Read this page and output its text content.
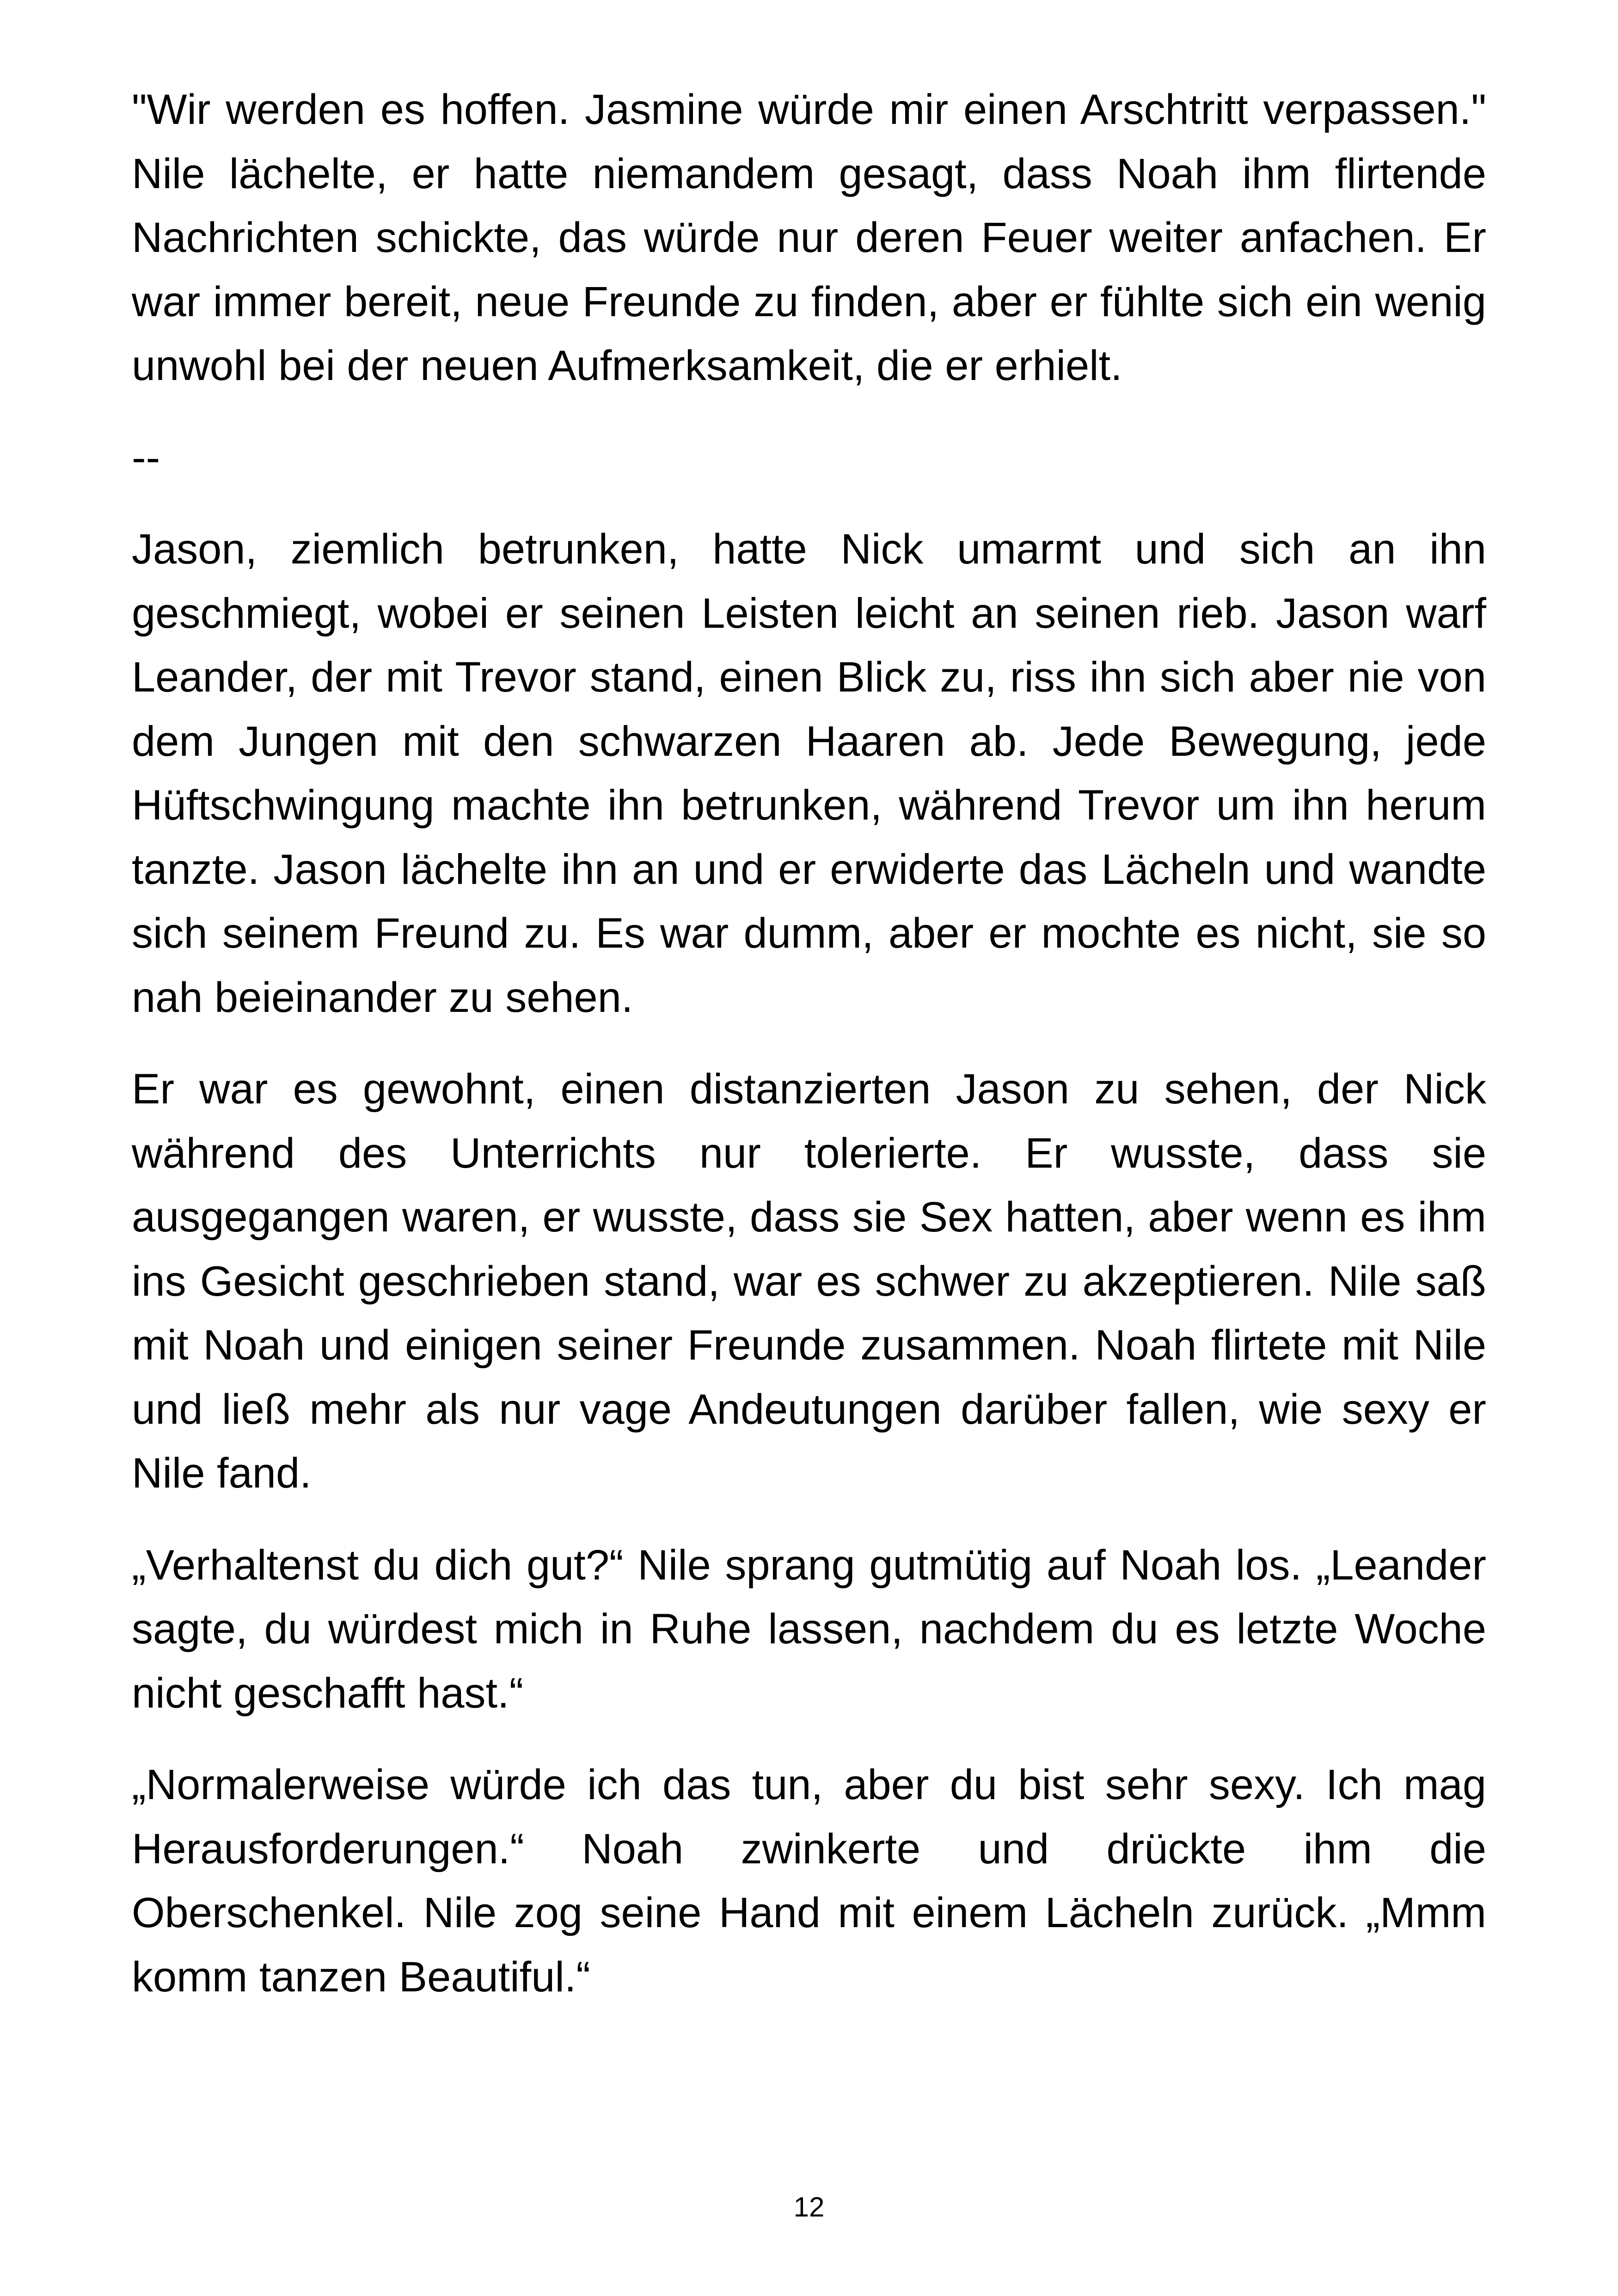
"Wir werden es hoffen. Jasmine würde mir einen Arschtritt verpassen." Nile lächelte, er hatte niemandem gesagt, dass Noah ihm flirtende Nachrichten schickte, das würde nur deren Feuer weiter anfachen. Er war immer bereit, neue Freunde zu finden, aber er fühlte sich ein wenig unwohl bei der neuen Aufmerksamkeit, die er erhielt.

--

Jason, ziemlich betrunken, hatte Nick umarmt und sich an ihn geschmiegt, wobei er seinen Leisten leicht an seinen rieb. Jason warf Leander, der mit Trevor stand, einen Blick zu, riss ihn sich aber nie von dem Jungen mit den schwarzen Haaren ab. Jede Bewegung, jede Hüftschwingung machte ihn betrunken, während Trevor um ihn herum tanzte. Jason lächelte ihn an und er erwiderte das Lächeln und wandte sich seinem Freund zu. Es war dumm, aber er mochte es nicht, sie so nah beieinander zu sehen.

Er war es gewohnt, einen distanzierten Jason zu sehen, der Nick während des Unterrichts nur tolerierte. Er wusste, dass sie ausgegangen waren, er wusste, dass sie Sex hatten, aber wenn es ihm ins Gesicht geschrieben stand, war es schwer zu akzeptieren. Nile saß mit Noah und einigen seiner Freunde zusammen. Noah flirtete mit Nile und ließ mehr als nur vage Andeutungen darüber fallen, wie sexy er Nile fand.

„Verhaltenst du dich gut?“ Nile sprang gutmütig auf Noah los. „Leander sagte, du würdest mich in Ruhe lassen, nachdem du es letzte Woche nicht geschafft hast.“

„Normalerweise würde ich das tun, aber du bist sehr sexy. Ich mag Herausforderungen.“ Noah zwinkerte und drückte ihm die Oberschenkel. Nile zog seine Hand mit einem Lächeln zurück. „Mmm komm tanzen Beautiful.“

12
